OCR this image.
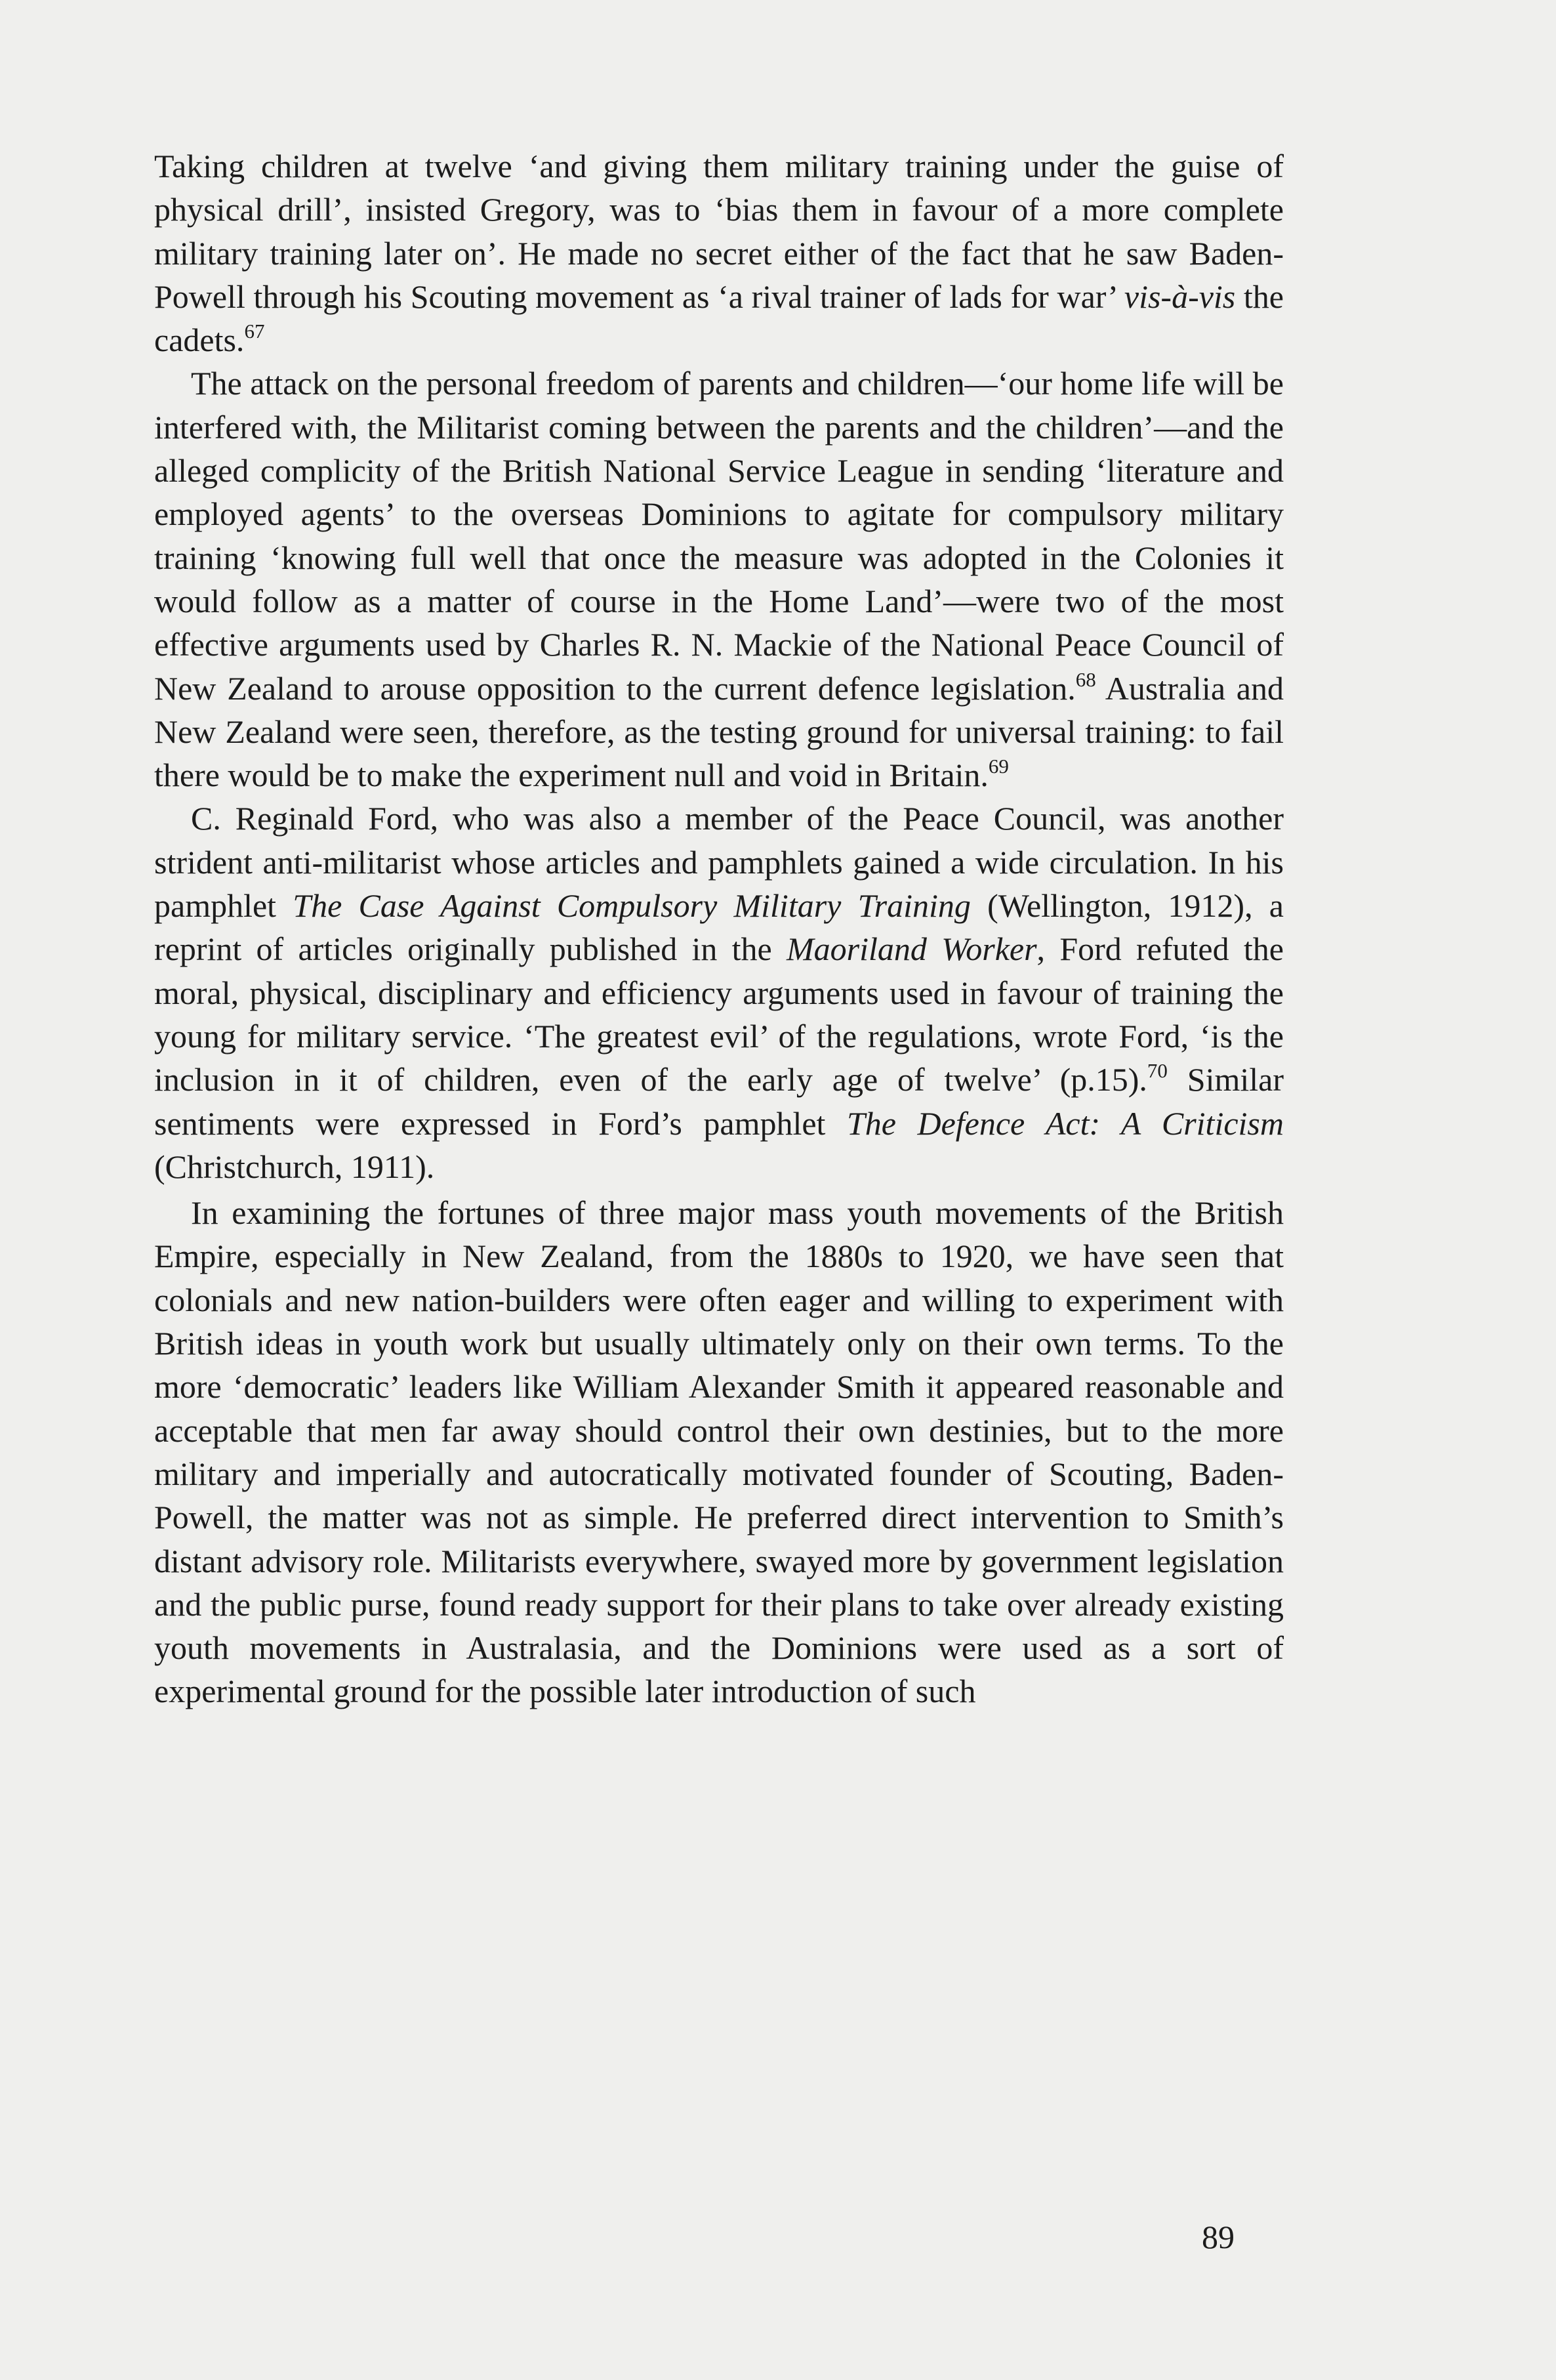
Taking children at twelve ‘and giving them military training under the guise of physical drill’, insisted Gregory, was to ‘bias them in favour of a more complete military training later on’. He made no secret either of the fact that he saw Baden-Powell through his Scouting movement as ‘a rival trainer of lads for war’ vis-à-vis the cadets.$^{67}$

The attack on the personal freedom of parents and children—‘our home life will be interfered with, the Militarist coming between the parents and the children’—and the alleged complicity of the British National Service League in sending ‘literature and employed agents’ to the overseas Dominions to agitate for compulsory military training ‘knowing full well that once the measure was adopted in the Colonies it would follow as a matter of course in the Home Land’—were two of the most effective arguments used by Charles R. N. Mackie of the National Peace Council of New Zealand to arouse opposition to the current defence legislation.$^{68}$ Australia and New Zealand were seen, therefore, as the testing ground for universal training: to fail there would be to make the experiment null and void in Britain.$^{69}$

C. Reginald Ford, who was also a member of the Peace Council, was another strident anti-militarist whose articles and pamphlets gained a wide circulation. In his pamphlet The Case Against Compulsory Military Training (Wellington, 1912), a reprint of articles originally published in the Maoriland Worker, Ford refuted the moral, physical, disciplinary and efficiency arguments used in favour of training the young for military service. ‘The greatest evil’ of the regulations, wrote Ford, ‘is the inclusion in it of children, even of the early age of twelve’ (p.15).$^{70}$ Similar sentiments were expressed in Ford’s pamphlet The Defence Act: A Criticism (Christchurch, 1911).

In examining the fortunes of three major mass youth movements of the British Empire, especially in New Zealand, from the 1880s to 1920, we have seen that colonials and new nation-builders were often eager and willing to experiment with British ideas in youth work but usually ultimately only on their own terms. To the more ‘democratic’ leaders like William Alexander Smith it appeared reasonable and acceptable that men far away should control their own destinies, but to the more military and imperially and autocratically motivated founder of Scouting, Baden-Powell, the matter was not as simple. He preferred direct intervention to Smith’s distant advisory role. Militarists everywhere, swayed more by government legislation and the public purse, found ready support for their plans to take over already existing youth movements in Australasia, and the Dominions were used as a sort of experimental ground for the possible later introduction of such

89
